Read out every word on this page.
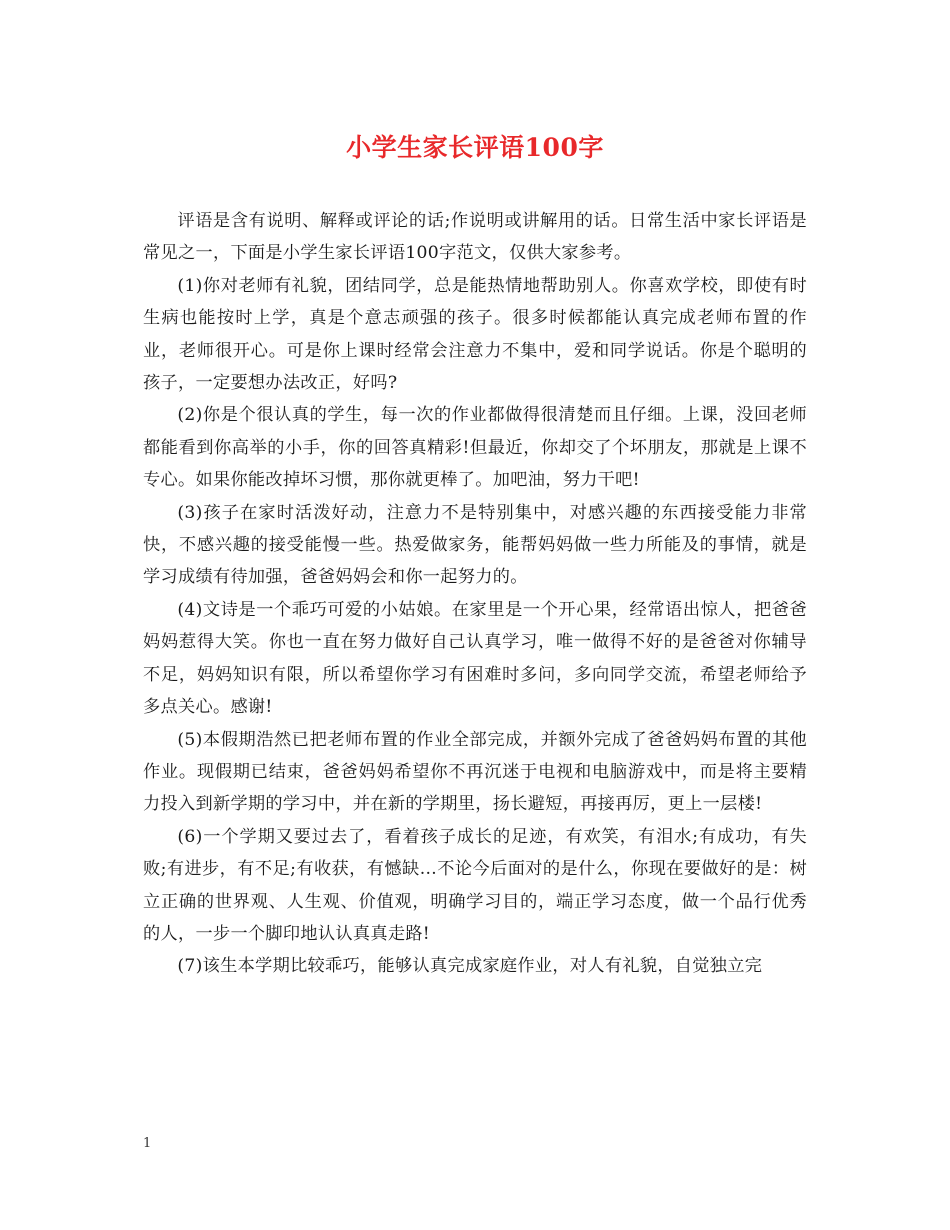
小学生家长评语100字

评语是含有说明、解释或评论的话;作说明或讲解用的话。日常生活中家长评语是常见之一，下面是小学生家长评语100字范文，仅供大家参考。

(1)你对老师有礼貌，团结同学，总是能热情地帮助别人。你喜欢学校，即使有时生病也能按时上学，真是个意志顽强的孩子。很多时候都能认真完成老师布置的作业，老师很开心。可是你上课时经常会注意力不集中，爱和同学说话。你是个聪明的孩子，一定要想办法改正，好吗?

(2)你是个很认真的学生，每一次的作业都做得很清楚而且仔细。上课，没回老师都能看到你高举的小手，你的回答真精彩!但最近，你却交了个坏朋友，那就是上课不专心。如果你能改掉坏习惯，那你就更棒了。加吧油，努力干吧!

(3)孩子在家时活泼好动，注意力不是特别集中，对感兴趣的东西接受能力非常快，不感兴趣的接受能慢一些。热爱做家务，能帮妈妈做一些力所能及的事情，就是学习成绩有待加强，爸爸妈妈会和你一起努力的。

(4)文诗是一个乖巧可爱的小姑娘。在家里是一个开心果，经常语出惊人，把爸爸妈妈惹得大笑。你也一直在努力做好自己认真学习，唯一做得不好的是爸爸对你辅导不足，妈妈知识有限，所以希望你学习有困难时多问，多向同学交流，希望老师给予多点关心。感谢!

(5)本假期浩然已把老师布置的作业全部完成，并额外完成了爸爸妈妈布置的其他作业。现假期已结束，爸爸妈妈希望你不再沉迷于电视和电脑游戏中，而是将主要精力投入到新学期的学习中，并在新的学期里，扬长避短，再接再厉，更上一层楼!

(6)一个学期又要过去了，看着孩子成长的足迹，有欢笑，有泪水;有成功，有失败;有进步，有不足;有收获，有憾缺…不论今后面对的是什么，你现在要做好的是：树立正确的世界观、人生观、价值观，明确学习目的，端正学习态度，做一个品行优秀的人，一步一个脚印地认认真真走路!

(7)该生本学期比较乖巧，能够认真完成家庭作业，对人有礼貌，自觉独立完

1
